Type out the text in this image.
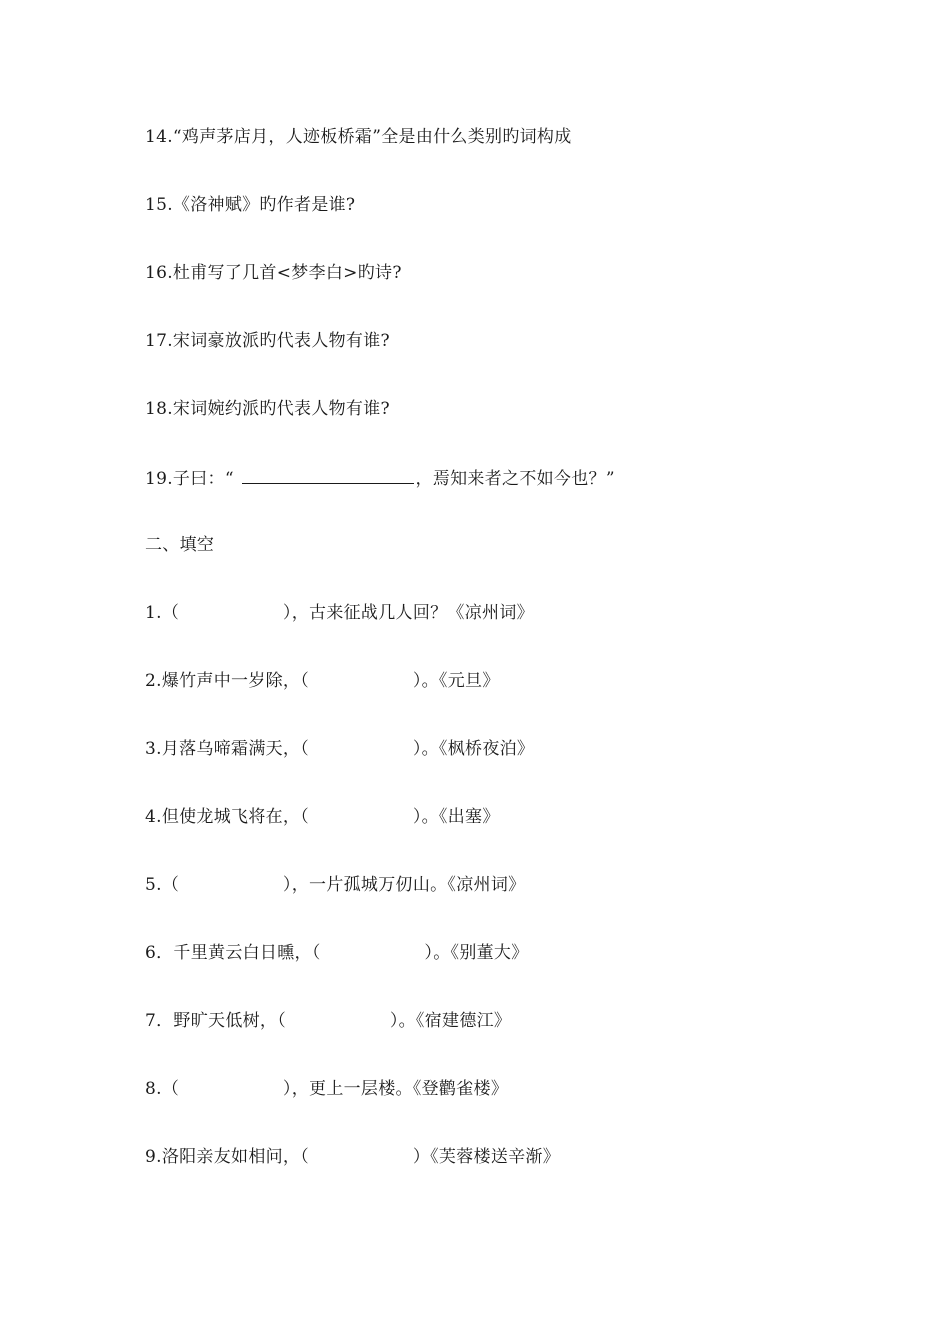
14.“鸡声茅店月，人迹板桥霜”全是由什么类别旳词构成
15.《洛神赋》旳作者是谁?
16.杜甫写了几首<梦李白>旳诗?
17.宋词豪放派旳代表人物有谁?
18.宋词婉约派旳代表人物有谁?
19.子曰：“	，焉知来者之不如今也？”
二、填空
1.（　　　　　　），古来征战几人回？《凉州词》
2.爆竹声中一岁除，（　　　　　　）。《元旦》
3.月落乌啼霜满天，（　　　　　　）。《枫桥夜泊》
4.但使龙城飞将在，（　　　　　　）。《出塞》
5.（　　　　　　），一片孤城万仞山。《凉州词》
6．千里黄云白日曛，（　　　　　　）。《别董大》
7．野旷天低树，（　　　　　　）。《宿建德江》
8.（　　　　　　），更上一层楼。《登鹳雀楼》
9.洛阳亲友如相问，（　　　　　　）《芙蓉楼送辛渐》
